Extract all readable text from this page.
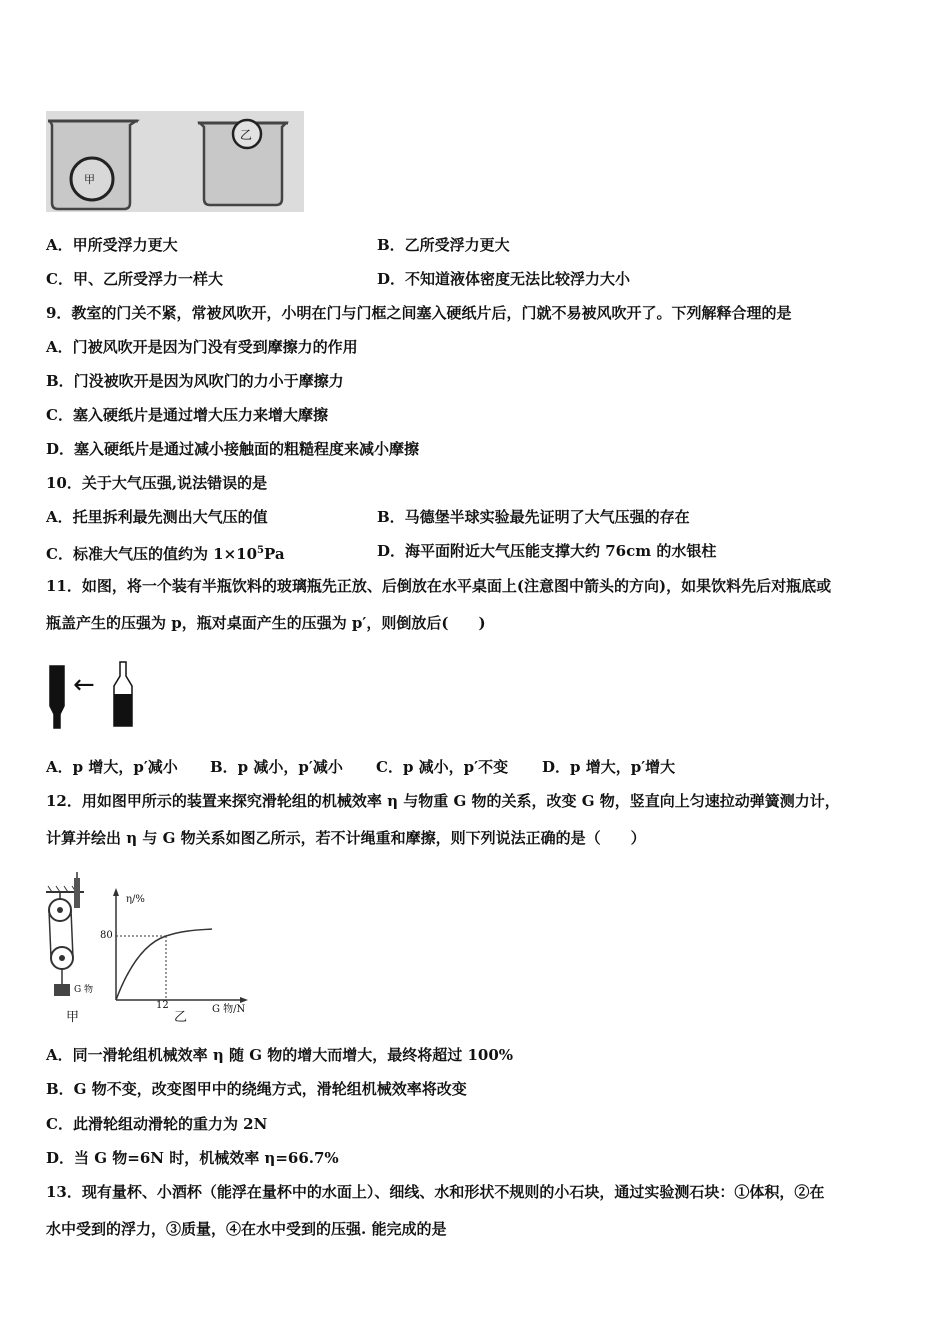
甲
乙
A．甲所受浮力更大	B．乙所受浮力更大
C．甲、乙所受浮力一样大	D．不知道液体密度无法比较浮力大小
9．教室的门关不紧，常被风吹开，小明在门与门框之间塞入硬纸片后，门就不易被风吹开了。下列解释合理的是
A．门被风吹开是因为门没有受到摩擦力的作用
B．门没被吹开是因为风吹门的力小于摩擦力
C．塞入硬纸片是通过增大压力来增大摩擦
D．塞入硬纸片是通过减小接触面的粗糙程度来减小摩擦
10．关于大气压强,说法错误的是
A．托里拆利最先测出大气压的值	B．马德堡半球实验最先证明了大气压强的存在
C．标准大气压的值约为 $1\times 10^5Pa$	D．海平面附近大气压能支撑大约 76cm 的水银柱
11．如图，将一个装有半瓶饮料的玻璃瓶先正放、后倒放在水平桌面上(注意图中箭头的方向)，如果饮料先后对瓶底或
瓶盖产生的压强为 p，瓶对桌面产生的压强为 p′，则倒放后(　　)
←
A．p 增大，p′减小 B．p 减小，p′减小 C．p 减小，p′不变 D．p 增大，p′增大
12．用如图甲所示的装置来探究滑轮组的机械效率 η 与物重 G 物的关系，改变 G 物，竖直向上匀速拉动弹簧测力计，
计算并绘出 η 与 G 物关系如图乙所示，若不计绳重和摩擦，则下列说法正确的是（　　）
η/%
80
12	G 物/N
G 物
甲	乙
A．同一滑轮组机械效率 η 随 G 物的增大而增大，最终将超过 100%
B．G 物不变，改变图甲中的绕绳方式，滑轮组机械效率将改变
C．此滑轮组动滑轮的重力为 2N
D．当 G 物=6N 时，机械效率 η=66.7%
13．现有量杯、小酒杯（能浮在量杯中的水面上）、细线、水和形状不规则的小石块，通过实验测石块：①体积，②在
水中受到的浮力，③质量，④在水中受到的压强. 能完成的是
